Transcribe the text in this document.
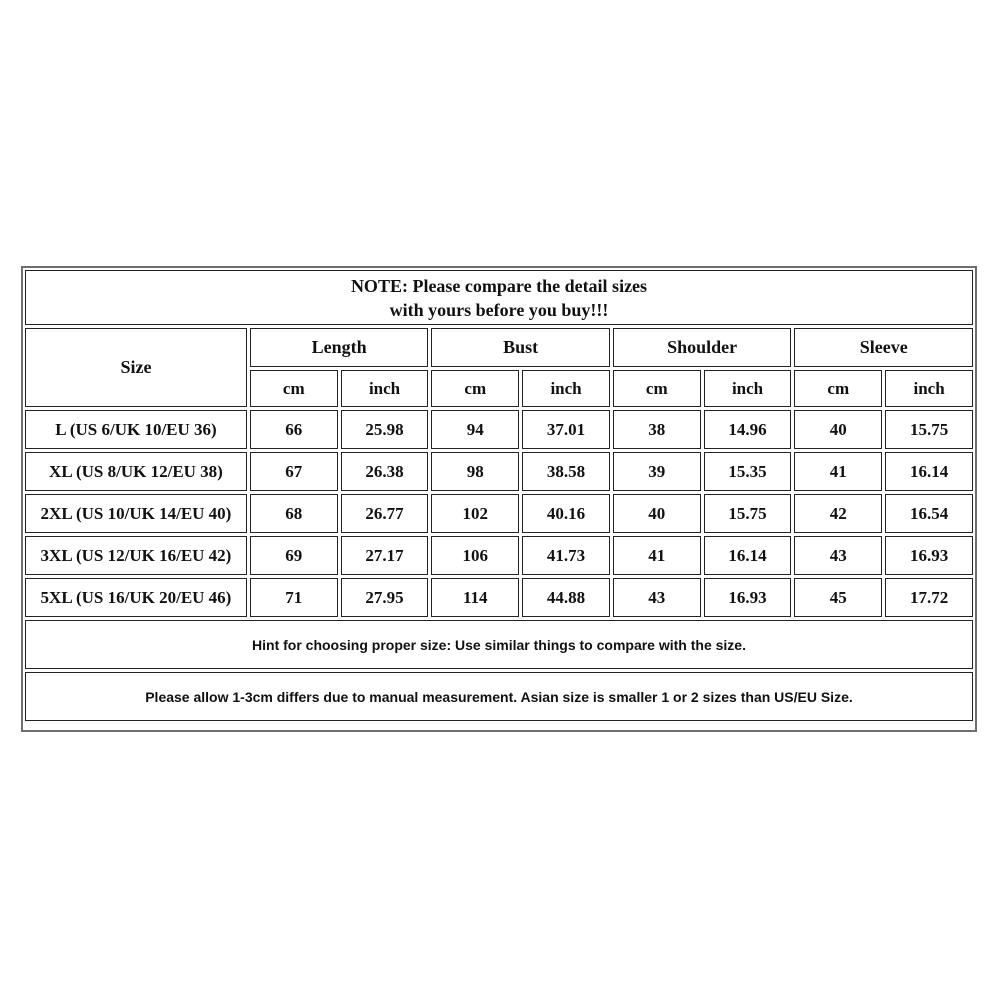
NOTE: Please compare the detail sizes
with yours before you buy!!!								

Size	Length		Bust		Shoulder		Sleeve	
	cm	inch	cm	inch	cm	inch	cm	inch
L (US 6/UK 10/EU 36)	66	25.98	94	37.01	38	14.96	40	15.75
XL (US 8/UK 12/EU 38)	67	26.38	98	38.58	39	15.35	41	16.14
2XL (US 10/UK 14/EU 40)	68	26.77	102	40.16	40	15.75	42	16.54
3XL (US 12/UK 16/EU 42)	69	27.17	106	41.73	41	16.14	43	16.93
5XL (US 16/UK 20/EU 46)	71	27.95	114	44.88	43	16.93	45	17.72
Hint for choosing proper size: Use similar things to compare with the size.								
Please allow 1-3cm differs due to manual measurement. Asian size is smaller 1 or 2 sizes than US/EU Size.								
